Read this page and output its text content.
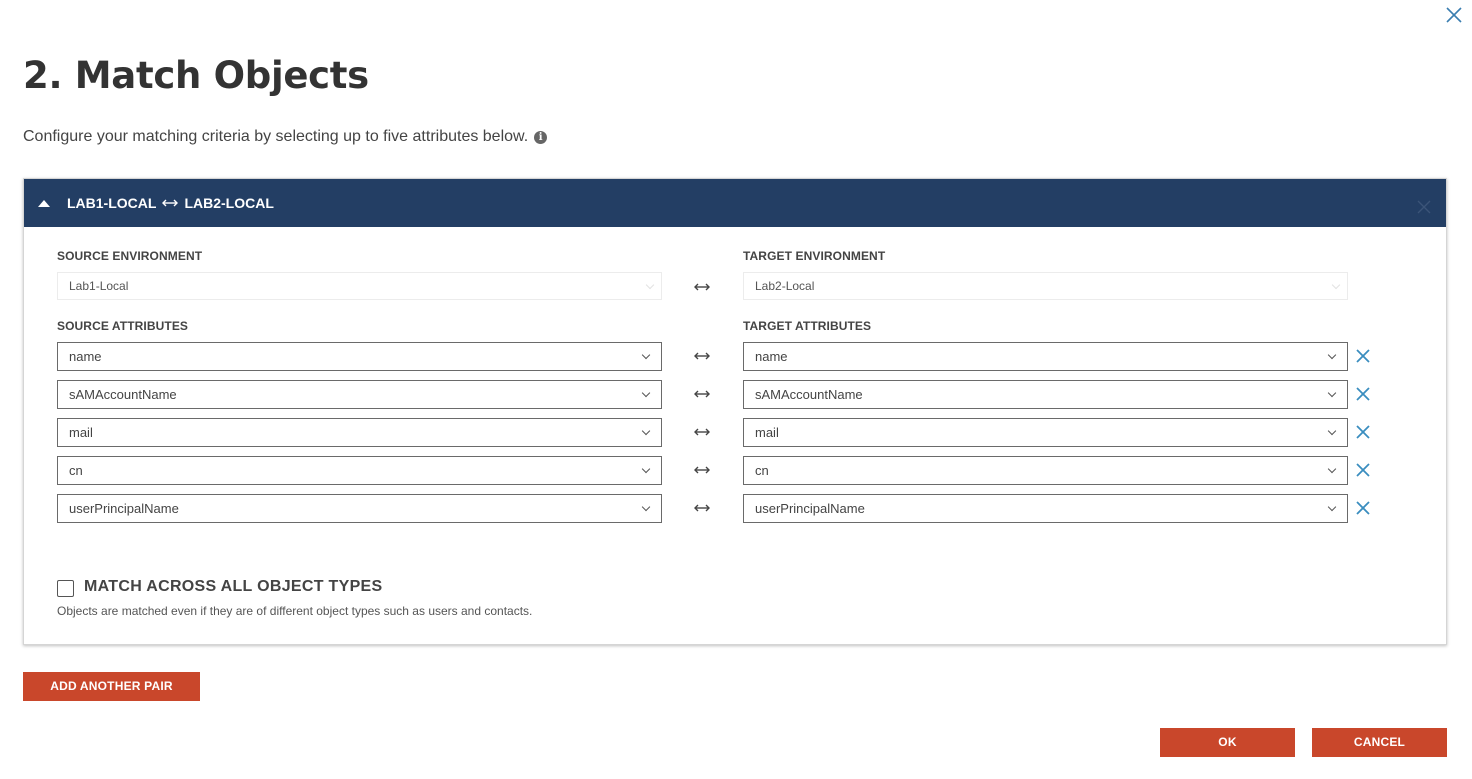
2. Match Objects
Configure your matching criteria by selecting up to five attributes below.	i
LAB1-LOCAL LAB2-LOCAL
SOURCE ENVIRONMENT	TARGET ENVIRONMENT
Lab1-Local	Lab2-Local
SOURCE ATTRIBUTES	TARGET ATTRIBUTES
name	name
sAMAccountName	sAMAccountName
mail	mail
cn	cn
userPrincipalName	userPrincipalName
MATCH ACROSS ALL OBJECT TYPES
Objects are matched even if they are of different object types such as users and contacts.
ADD ANOTHER PAIR
OK	CANCEL
